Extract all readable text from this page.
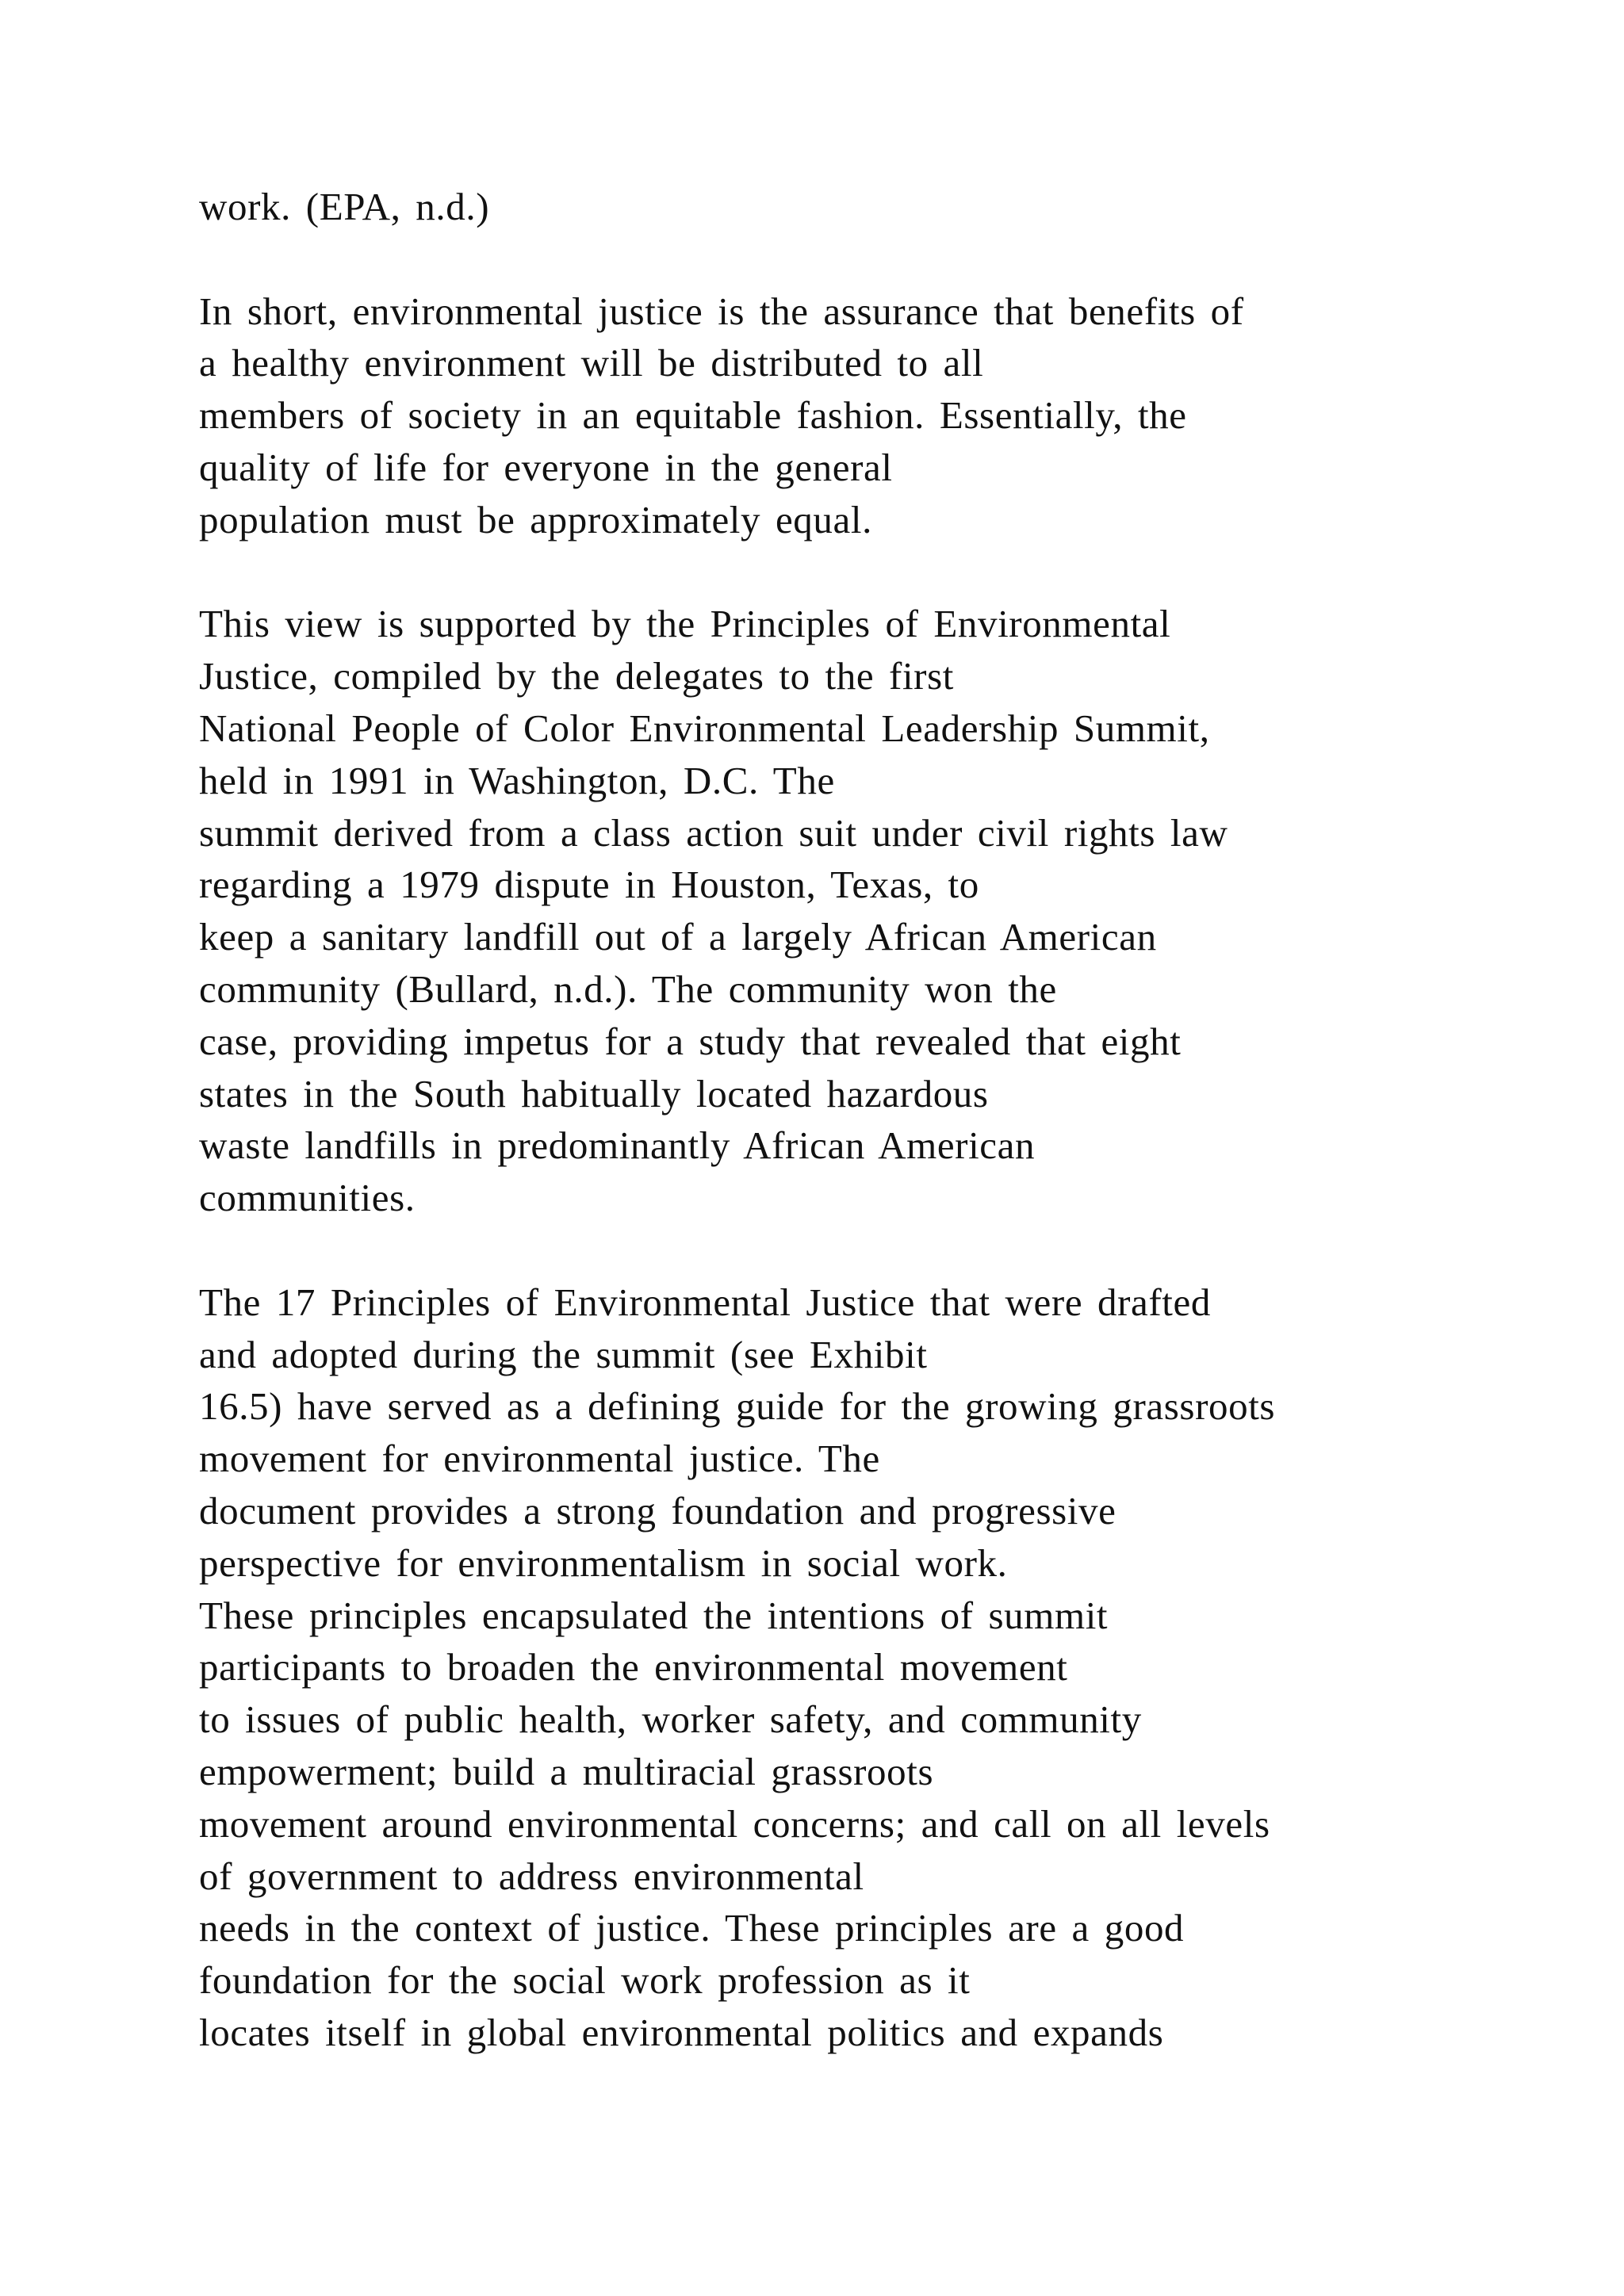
work. (EPA, n.d.)
In short, environmental justice is the assurance that benefits of
a healthy environment will be distributed to all
members of society in an equitable fashion. Essentially, the
quality of life for everyone in the general
population must be approximately equal.
This view is supported by the Principles of Environmental
Justice, compiled by the delegates to the first
National People of Color Environmental Leadership Summit,
held in 1991 in Washington, D.C. The
summit derived from a class action suit under civil rights law
regarding a 1979 dispute in Houston, Texas, to
keep a sanitary landfill out of a largely African American
community (Bullard, n.d.). The community won the
case, providing impetus for a study that revealed that eight
states in the South habitually located hazardous
waste landfills in predominantly African American
communities.
The 17 Principles of Environmental Justice that were drafted
and adopted during the summit (see Exhibit
16.5) have served as a defining guide for the growing grassroots
movement for environmental justice. The
document provides a strong foundation and progressive
perspective for environmentalism in social work.
These principles encapsulated the intentions of summit
participants to broaden the environmental movement
to issues of public health, worker safety, and community
empowerment; build a multiracial grassroots
movement around environmental concerns; and call on all levels
of government to address environmental
needs in the context of justice. These principles are a good
foundation for the social work profession as it
locates itself in global environmental politics and expands
